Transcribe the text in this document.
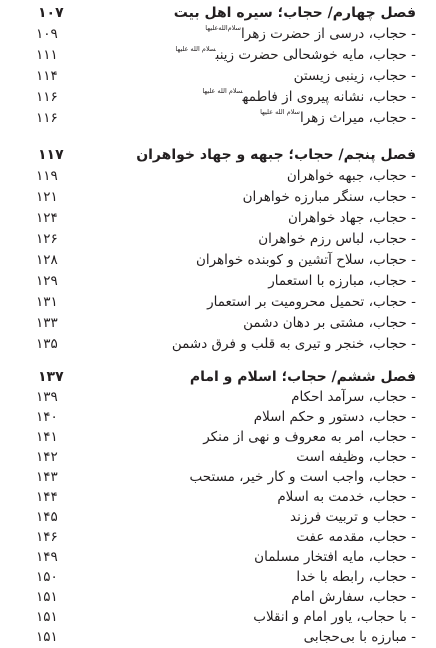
فصل چهارم/ حجاب؛ سیره اهل بیت
۱۰۷
- حجاب، درسی از حضرت زهرا$^{سلام‌الله‌علیها}$
۱۰۹
- حجاب، مایه خوشحالی حضرت زینب$^{سلام الله علیها}$
۱۱۱
- حجاب، زینبی زیستن
۱۱۴
- حجاب، نشانه پیروی از فاطمه$^{سلام الله علیها}$
۱۱۶
- حجاب، میراث زهرا$^{سلام الله علیها}$
۱۱۶
فصل پنجم/ حجاب؛ جبهه و جهاد خواهران
۱۱۷
- حجاب، جبهه خواهران
۱۱۹
- حجاب، سنگر مبارزه خواهران
۱۲۱
- حجاب، جهاد خواهران
۱۲۴
- حجاب، لباس رزم خواهران
۱۲۶
- حجاب، سلاح آتشین و کوبنده خواهران
۱۲۸
- حجاب، مبارزه با استعمار
۱۲۹
- حجاب، تحمیل محرومیت بر استعمار
۱۳۱
- حجاب، مشتی بر دهان دشمن
۱۳۳
- حجاب، خنجر و تیری به قلب و فرق دشمن
۱۳۵
فصل ششم/ حجاب؛ اسلام و امام
۱۳۷
- حجاب، سرآمد احکام
۱۳۹
- حجاب، دستور و حکم اسلام
۱۴۰
- حجاب، امر به معروف و نهی از منکر
۱۴۱
- حجاب، وظیفه است
۱۴۲
- حجاب، واجب است و کار خیر، مستحب
۱۴۳
- حجاب، خدمت به اسلام
۱۴۴
- حجاب و تربیت فرزند
۱۴۵
- حجاب، مقدمه عفت
۱۴۶
- حجاب، مایه افتخار مسلمان
۱۴۹
- حجاب، رابطه با خدا
۱۵۰
- حجاب، سفارش امام
۱۵۱
- با حجاب، یاور امام و انقلاب
۱۵۱
- مبارزه با بی‌حجابی
۱۵۱
